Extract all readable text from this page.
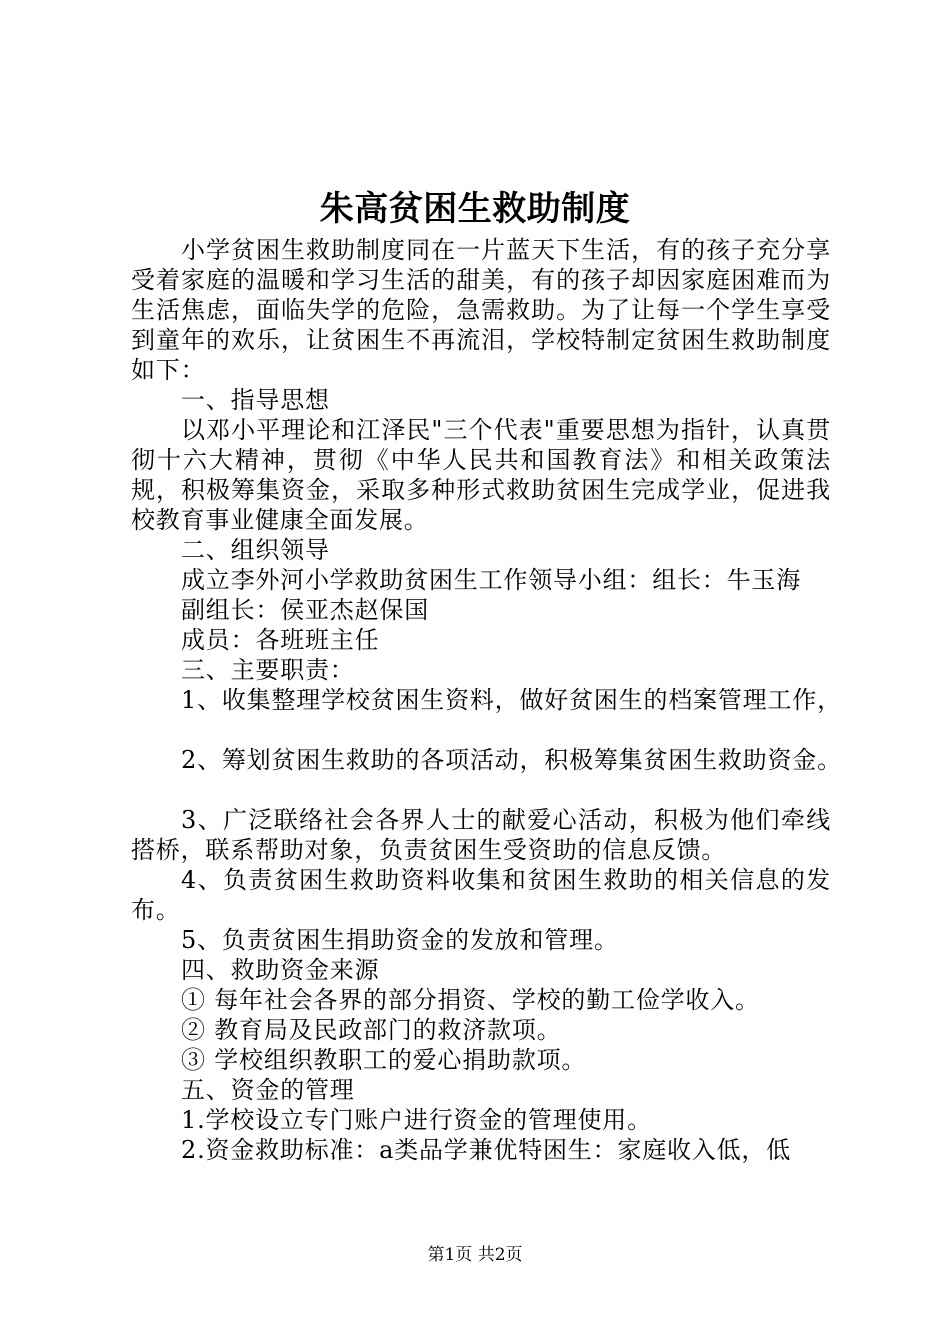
朱高贫困生救助制度

小学贫困生救助制度同在一片蓝天下生活，有的孩子充分享受着家庭的温暖和学习生活的甜美，有的孩子却因家庭困难而为生活焦虑，面临失学的危险，急需救助。为了让每一个学生享受到童年的欢乐，让贫困生不再流泪，学校特制定贫困生救助制度如下：

一、指导思想

以邓小平理论和江泽民"三个代表"重要思想为指针，认真贯彻十六大精神，贯彻《中华人民共和国教育法》和相关政策法规，积极筹集资金，采取多种形式救助贫困生完成学业，促进我校教育事业健康全面发展。

二、组织领导

成立李外河小学救助贫困生工作领导小组：组长：牛玉海

副组长：侯亚杰赵保国

成员：各班班主任

三、主要职责：

1、收集整理学校贫困生资料，做好贫困生的档案管理工作，

2、筹划贫困生救助的各项活动，积极筹集贫困生救助资金。

3、广泛联络社会各界人士的献爱心活动，积极为他们牵线搭桥，联系帮助对象，负责贫困生受资助的信息反馈。

4、负责贫困生救助资料收集和贫困生救助的相关信息的发布。

5、负责贫困生捐助资金的发放和管理。

四、救助资金来源

① 每年社会各界的部分捐资、学校的勤工俭学收入。

② 教育局及民政部门的救济款项。

③ 学校组织教职工的爱心捐助款项。

五、资金的管理

1.学校设立专门账户进行资金的管理使用。

2.资金救助标准：a类品学兼优特困生：家庭收入低，低

第1页 共2页
